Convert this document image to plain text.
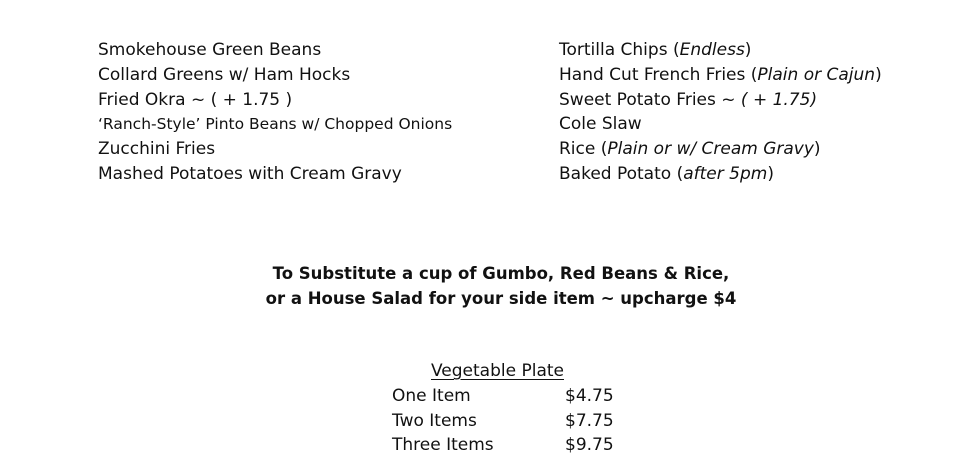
Smokehouse Green Beans
Collard Greens w/ Ham Hocks
Fried Okra ~ ( + 1.75 )
‘Ranch-Style’ Pinto Beans w/ Chopped Onions
Zucchini Fries
Mashed Potatoes with Cream Gravy
Tortilla Chips (Endless)
Hand Cut French Fries (Plain or Cajun)
Sweet Potato Fries ~ ( + 1.75)
Cole Slaw
Rice (Plain or w/ Cream Gravy)
Baked Potato (after 5pm)
To Substitute a cup of Gumbo, Red Beans & Rice,
or a House Salad for your side item ~ upcharge $4
Vegetable Plate
One Item	$4.75
Two Items	$7.75
Three Items	$9.75
